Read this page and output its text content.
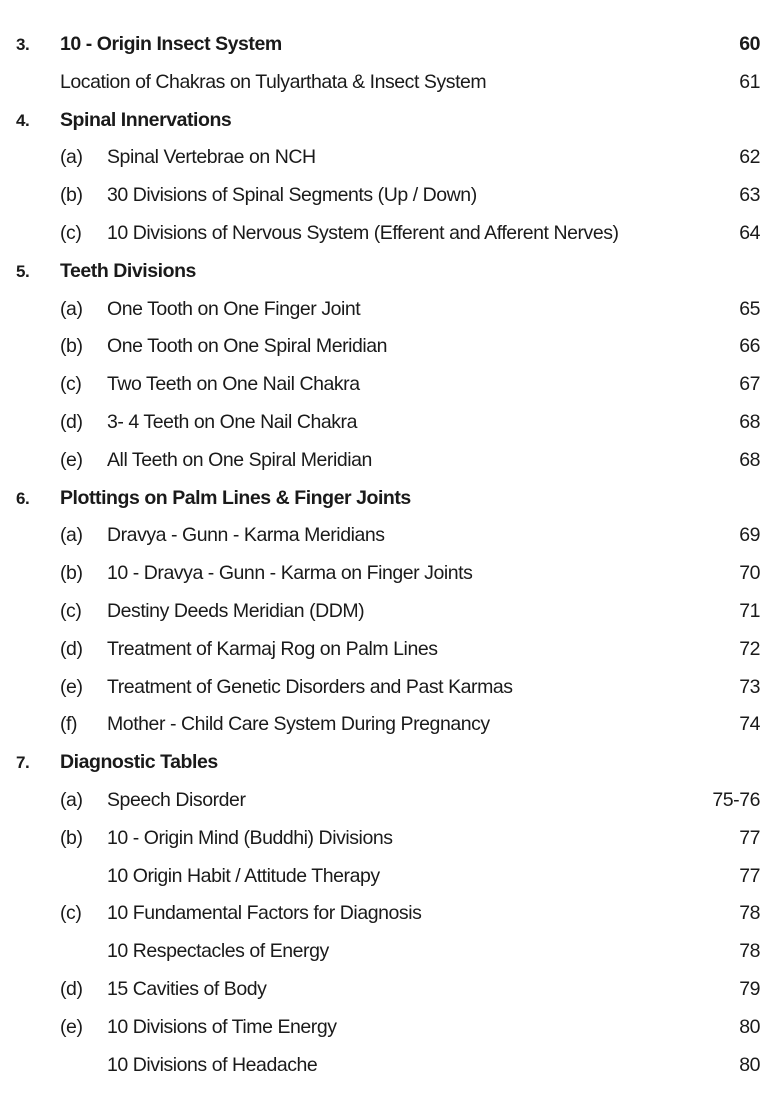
3. 10 - Origin Insect System	60
Location of Chakras on Tulyarthata & Insect System	61
4. Spinal Innervations
(a) Spinal Vertebrae on NCH	62
(b) 30 Divisions of Spinal Segments (Up / Down)	63
(c) 10 Divisions of Nervous System (Efferent and Afferent Nerves)	64
5. Teeth Divisions
(a) One Tooth on One Finger Joint	65
(b) One Tooth on One Spiral Meridian	66
(c) Two Teeth on One Nail Chakra	67
(d) 3- 4 Teeth on One Nail Chakra	68
(e) All Teeth on One Spiral Meridian	68
6. Plottings on Palm Lines & Finger Joints
(a) Dravya - Gunn - Karma Meridians	69
(b) 10 - Dravya - Gunn - Karma on Finger Joints	70
(c) Destiny Deeds Meridian (DDM)	71
(d) Treatment of Karmaj Rog on Palm Lines	72
(e) Treatment of Genetic Disorders and Past Karmas	73
(f) Mother - Child Care System During Pregnancy	74
7. Diagnostic Tables
(a) Speech Disorder	75-76
(b) 10 - Origin Mind (Buddhi) Divisions	77
10 Origin Habit / Attitude Therapy	77
(c) 10 Fundamental Factors for Diagnosis	78
10 Respectacles of Energy	78
(d) 15 Cavities of Body	79
(e) 10 Divisions of Time Energy	80
10 Divisions of Headache	80
